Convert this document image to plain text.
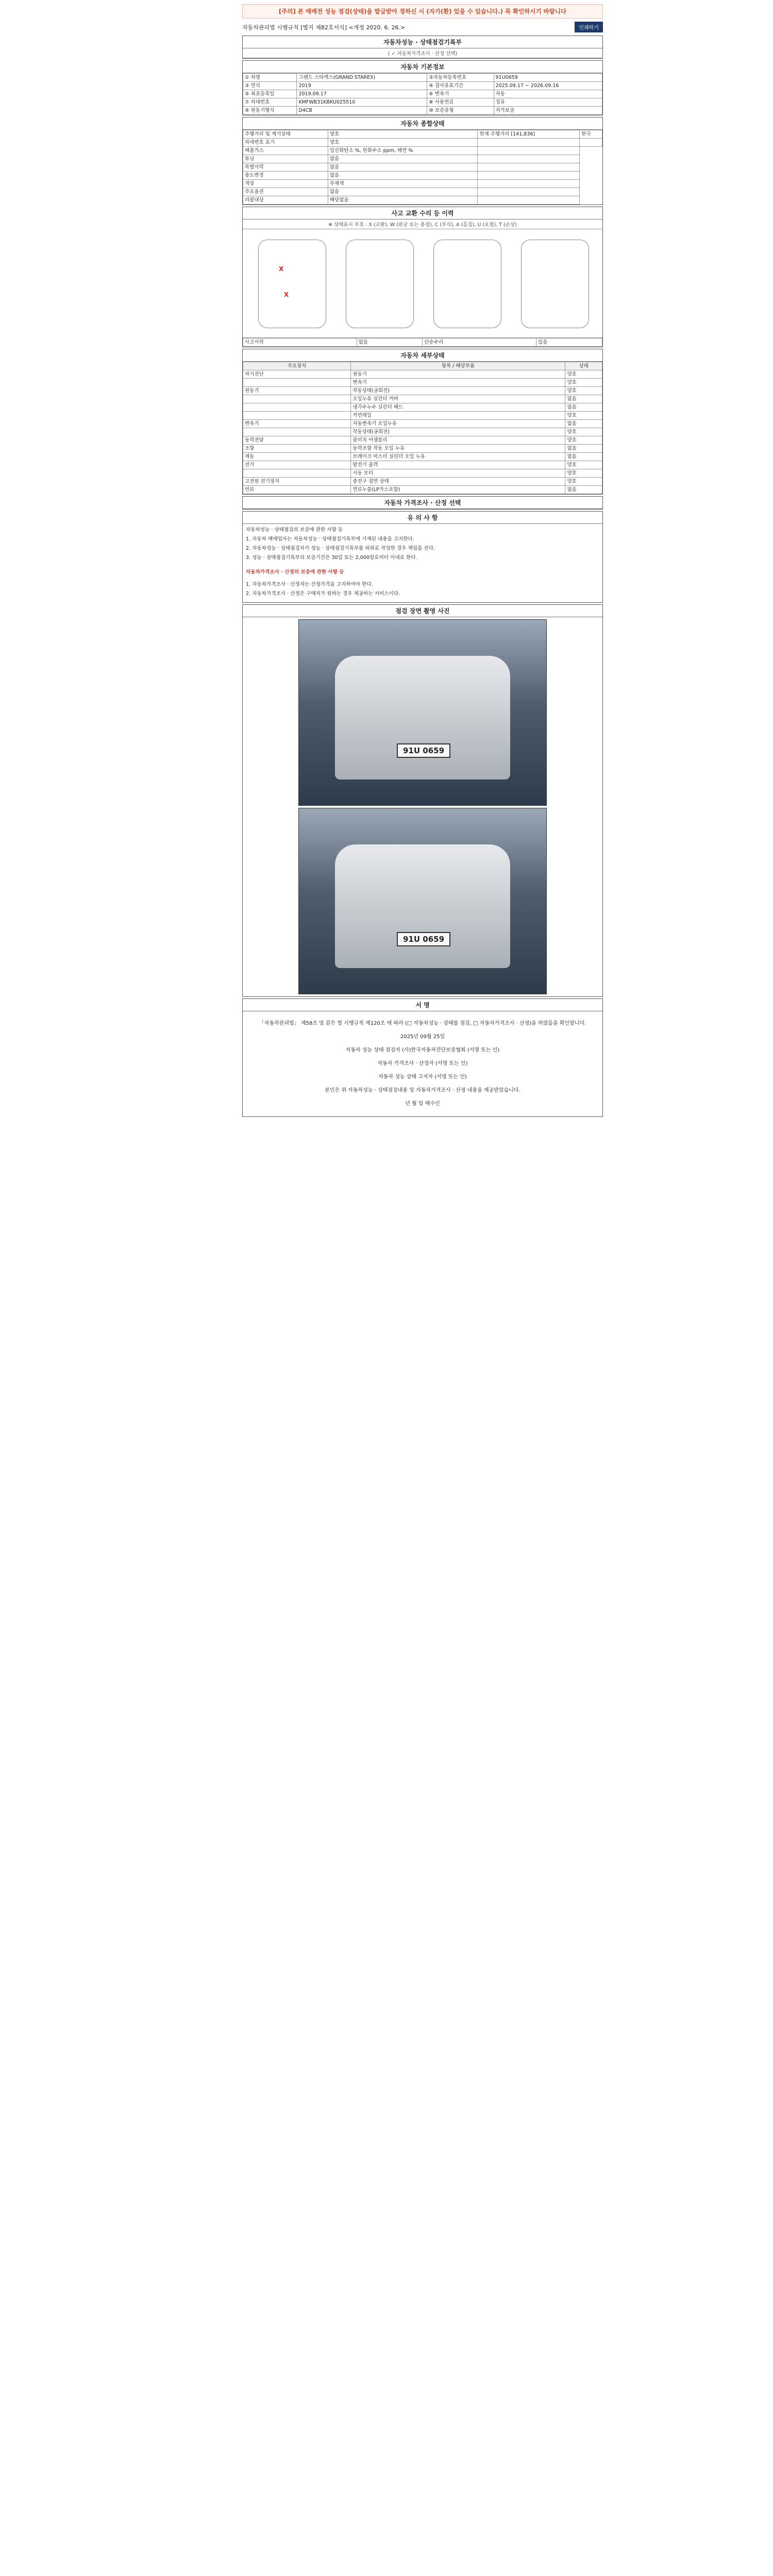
[주의] 본 매매전 성능 점검(상태)을 발급받아 정하신 시 (자가(환) 있을 수 있습니다.) 꼭 확인하시기 바랍니다
자동차관리법 시행규칙 [별지 제82호서식] <개정 2020. 6. 26.>	인쇄하기
자동차성능 · 상태점검기록부
( ✓ 자동차가격조사 · 산정 선택)
자동차 기본정보
① 차명	그랜드 스타렉스(GRAND STAREX)	②자동차등록번호	91U0659
③ 연식	2019	④ 검사유효기간	2025.09.17 ~ 2026.09.16
⑤ 최초등록일	2019.09.17	⑥ 변속기	자동
⑦ 차대번호	KMFWB31KBKU025510	⑧ 사용연료	경유
⑨ 원동기형식	D4CB	⑩ 보증유형	자가보증
자동차 종합상태
주행거리 및 계기상태	양호	현재 주행거리 [141,836]	한국
차대번호 표기	양호		
배출가스	일산화탄소 %, 탄화수소 ppm, 매연 %		
튜닝	없음		
특별이력	없음		
용도변경	없음		
색상	무채색		
주요옵션	없음		
리콜대상	해당없음		
사고 교환 수리 등 이력
※ 상태표시 부호 : X (교환), W (판금 또는 용접), C (부식), A (흠집), U (요철), T (손상)
X
X
사고이력	없음	단순수리	있음
자동차 세부상태
주요장치	항목 / 해당부품	상태
자기진단	원동기	양호
	변속기	양호
원동기	작동상태(공회전)	양호
	오일누유 실린더 커버	없음
	냉각수누수 실린더 헤드	없음
	커먼레일	양호
변속기	자동변속기 오일누유	없음
	작동상태(공회전)	양호
동력전달	클러치 어셈블리	양호
조향	동력조향 작동 오일 누유	없음
제동	브레이크 마스터 실린더 오일 누유	없음
전기	발전기 출력	양호
	시동 모터	양호
고전원 전기장치	충전구 절연 상태	양호
연료	연료누출(LP가스포함)	없음
자동차 가격조사 · 산정 선택
유 의 사 항

자동차성능 · 상태점검의 보증에 관한 사항 등

1. 자동차 매매업자는 자동차성능 · 상태점검기록부에 기재된 내용을 고지한다.

2. 자동차성능 · 상태점검자가 성능 · 상태점검기록부를 허위로 작성한 경우 책임을 진다.

3. 성능 · 상태점검기록부의 보증기간은 30일 또는 2,000킬로미터 이내로 한다.

자동차가격조사 · 산정의 보증에 관한 사항 등

1. 자동차가격조사 · 산정자는 산정가격을 고지하여야 한다.

2. 자동차가격조사 · 산정은 구매자가 원하는 경우 제공하는 서비스이다.

점검 장면 촬영 사진
91U 0659
91U 0659
서 명

「자동차관리법」 제58조 및 같은 법 시행규칙 제120조 에 따라 (□ 자동차성능 · 상태를 점검, □ 자동차가격조사 · 산정)을 하였음을 확인합니다.

2025년 09월 25일

자동차 성능 상태 점검자 (사)한국자동차진단보증협회 (서명 또는 인)

자동차 가격조사 · 산정자 (서명 또는 인)

자동차 성능 상태 고지자 (서명 또는 인)

본인은 위 자동차성능 · 상태점검내용 및 자동차가격조사 · 산정 내용을 제공받았습니다.

년 월 일 매수인
